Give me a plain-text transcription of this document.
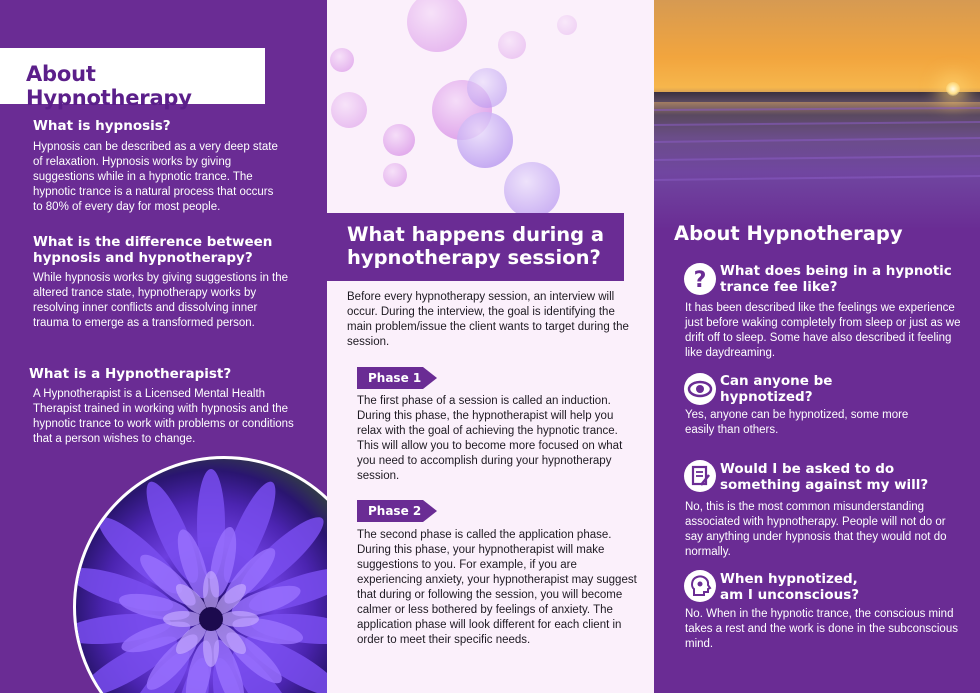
About Hypnotherapy
What is hypnosis?
Hypnosis can be described as a very deep state of relaxation. Hypnosis works by giving suggestions while in a hypnotic trance. The hypnotic trance is a natural process that occurs to 80% of every day for most people.
What is the difference between hypnosis and hypnotherapy?
While hypnosis works by giving suggestions in the altered trance state, hypnotherapy works by resolving inner conflicts and dissolving inner trauma to emerge as a transformed person.
What is a Hypnotherapist?
A Hypnotherapist is a Licensed Mental Health Therapist trained in working with hypnosis and the hypnotic trance to work with problems or conditions that a person wishes to change.
What happens during a hypnotherapy session?
Before every hypnotherapy session, an interview will occur. During the interview, the goal is identifying the main problem/issue the client wants to target during the session.
Phase 1
The first phase of a session is called an induction. During this phase, the hypnotherapist will help you relax with the goal of achieving the hypnotic trance. This will allow you to become more focused on what you need to accomplish during your hypnotherapy session.
Phase 2
The second phase is called the application phase. During this phase, your hypnotherapist will make suggestions to you. For example, if you are experiencing anxiety, your hypnotherapist may suggest that during or following the session, you will become calmer or less bothered by feelings of anxiety. The application phase will look different for each client in order to meet their specific needs.
About Hypnotherapy
? What does being in a hypnotic trance fee like?
It has been described like the feelings we experience just before waking completely from sleep or just as we drift off to sleep. Some have also described it feeling like daydreaming.
Can anyone be hypnotized?
Yes, anyone can be hypnotized, some more easily than others.
Would I be asked to do something against my will?
No, this is the most common misunderstanding associated with hypnotherapy. People will not do or say anything under hypnosis that they would not do normally.
When hypnotized, am I unconscious?
No. When in the hypnotic trance, the conscious mind takes a rest and the work is done in the subconscious mind.
